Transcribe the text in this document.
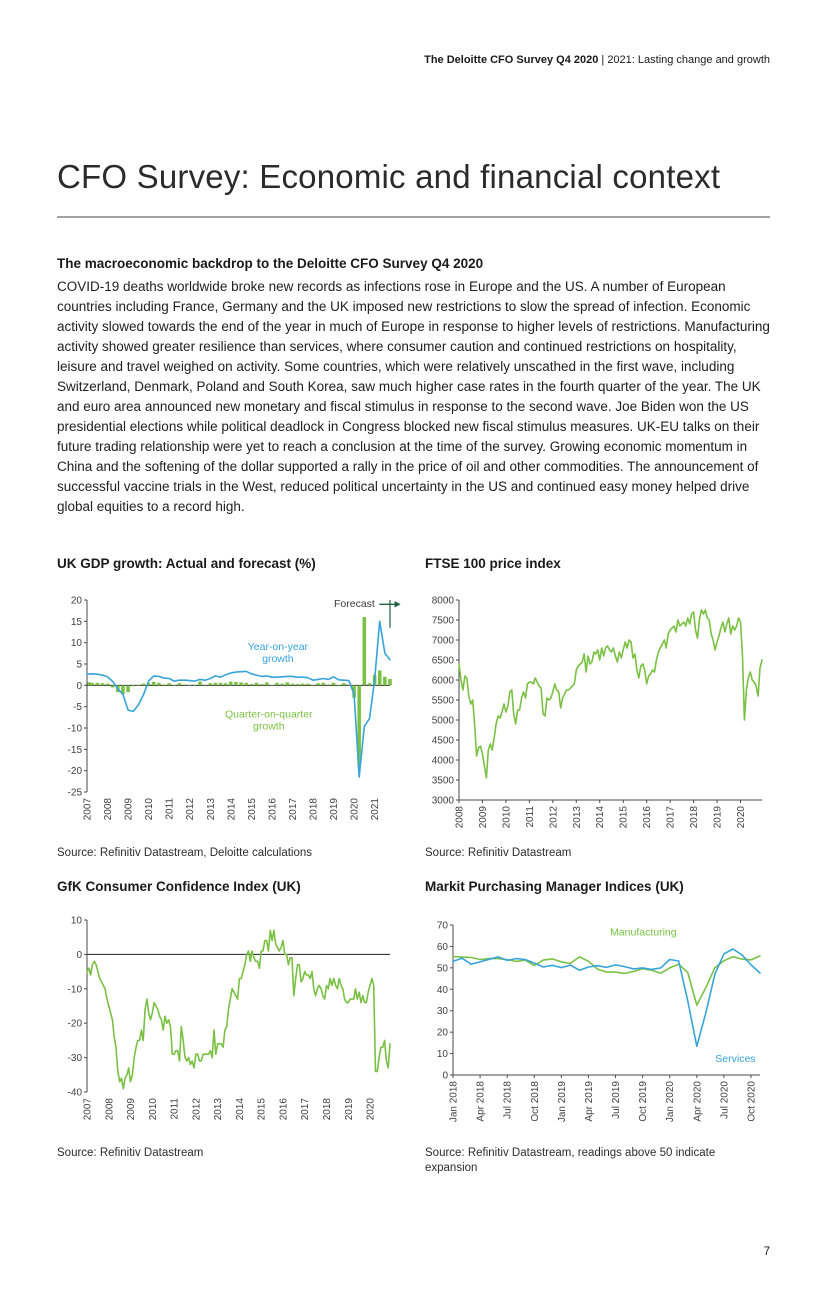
The Deloitte CFO Survey Q4 2020 | 2021: Lasting change and growth
CFO Survey: Economic and financial context
The macroeconomic backdrop to the Deloitte CFO Survey Q4 2020

COVID-19 deaths worldwide broke new records as infections rose in Europe and the US. A number of European countries including France, Germany and the UK imposed new restrictions to slow the spread of infection. Economic activity slowed towards the end of the year in much of Europe in response to higher levels of restrictions. Manufacturing activity showed greater resilience than services, where consumer caution and continued restrictions on hospitality, leisure and travel weighed on activity. Some countries, which were relatively unscathed in the first wave, including Switzerland, Denmark, Poland and South Korea, saw much higher case rates in the fourth quarter of the year. The UK and euro area announced new monetary and fiscal stimulus in response to the second wave. Joe Biden won the US presidential elections while political deadlock in Congress blocked new fiscal stimulus measures. UK-EU talks on their future trading relationship were yet to reach a conclusion at the time of the survey. Growing economic momentum in China and the softening of the dollar supported a rally in the price of oil and other commodities. The announcement of successful vaccine trials in the West, reduced political uncertainty in the US and continued easy money helped drive global equities to a record high.

UK GDP growth: Actual and forecast (%)
20
15
10
5
0
-5
-10
-15
-20
-25
2007 2008 2009 2010 2011 2012 2013 2014 2015 2016 2017 2018 2019 2020 2021
Year-on-year growth
Quarter-on-quarter growth
Forecast
Source: Refinitiv Datastream, Deloitte calculations
FTSE 100 price index
8000
7500
7000
6500
6000
5500
5000
4500
4000
3500
3000
2008 2009 2010 2011 2012 2013 2014 2015 2016 2017 2018 2019 2020
Source: Refinitiv Datastream
GfK Consumer Confidence Index (UK)
10
0
-10
-20
-30
-40
2007 2008 2009 2010 2011 2012 2013 2014 2015 2016 2017 2018 2019 2020
Source: Refinitiv Datastream
Markit Purchasing Manager Indices (UK)
70
60
50
40
30
20
10
0
Jan 2018 Apr 2018 Jul 2018 Oct 2018 Jan 2019 Apr 2019 Jul 2019 Oct 2019 Jan 2020 Apr 2020 Jul 2020 Oct 2020
Manufacturing
Services
Source: Refinitiv Datastream, readings above 50 indicate expansion
7
